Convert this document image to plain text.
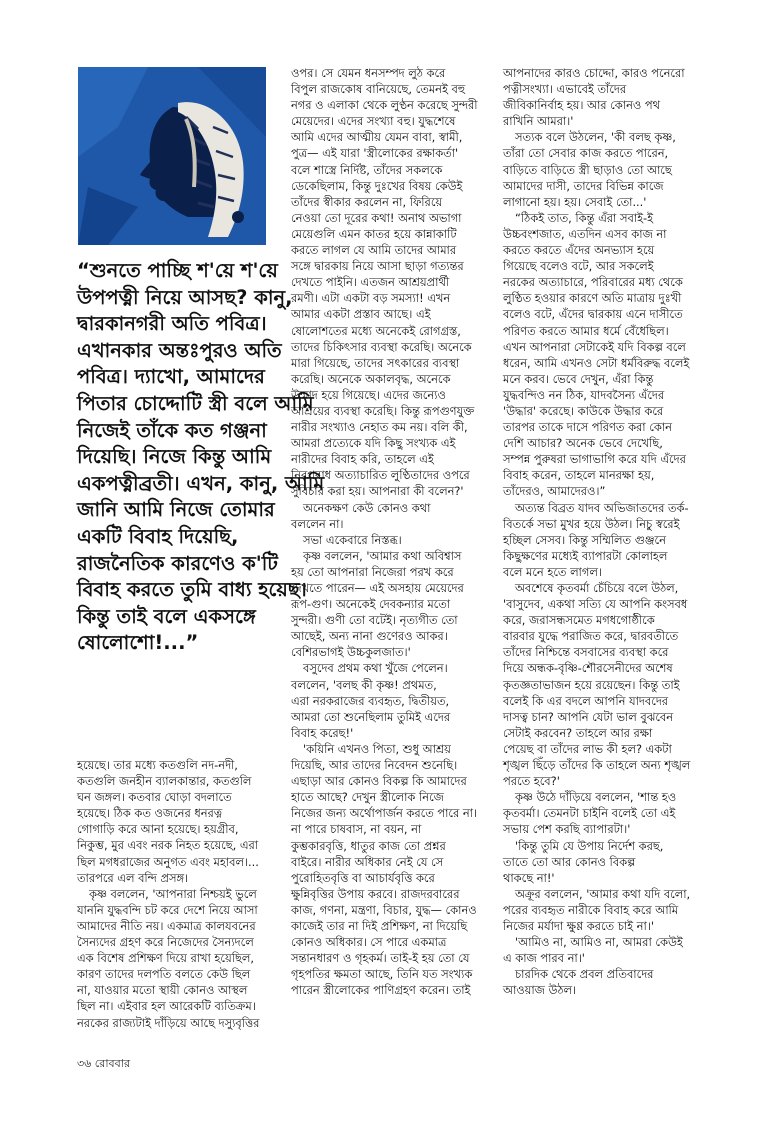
“শুনতে পাচ্ছি শ'য়ে শ'য়ে
উপপত্নী নিয়ে আসছ? কানু,
দ্বারকানগরী অতি পবিত্র।
এখানকার অন্তঃপুরও অতি
পবিত্র। দ্যাখো, আমাদের
পিতার চোদ্দোটি স্ত্রী বলে আমি
নিজেই তাঁকে কত গঞ্জনা
দিয়েছি। নিজে কিন্তু আমি
একপত্নীব্রতী। এখন, কানু, আমি
জানি আমি নিজে তোমার
একটি বিবাহ দিয়েছি,
রাজনৈতিক কারণেও ক'টি
বিবাহ করতে তুমি বাধ্য হয়েছ।
কিন্তু তাই বলে একসঙ্গে
ষোলোশো!...”
হয়েছে। তার মধ্যে কতগুলি নদ-নদী,
কতগুলি জনহীন ব্যালকান্তার, কতগুলি
ঘন জঙ্গল। কতবার ঘোড়া বদলাতে
হয়েছে। ঠিক কত ওজনের ধনরত্ন
গোগাড়ি করে আনা হয়েছে। হয়গ্রীব,
নিকুম্ভ, মুর এবং নরক নিহত হয়েছে, এরা
ছিল মগধরাজের অনুগত এবং মহাবল।...
তারপরে এল বন্দি প্রসঙ্গ।
কৃষ্ণ বললেন, 'আপনারা নিশ্চয়ই ভুলে
যাননি যুদ্ধবন্দি চট করে দেশে নিয়ে আসা
আমাদের নীতি নয়। একমাত্র কালযবনের
সৈন্যদের গ্রহণ করে নিজেদের সৈন্যদলে
এক বিশেষ প্রশিক্ষণ দিয়ে রাখা হয়েছিল,
কারণ তাদের দলপতি বলতে কেউ ছিল
না, যাওয়ার মতো স্থায়ী কোনও আস্থল
ছিল না। এইবার হল আরেকটি ব্যতিক্রম।
নরকের রাজ্যটাই দাঁড়িয়ে আছে দস্যুবৃত্তির
ওপর। সে যেমন ধনসম্পদ লুঠ করে
বিপুল রাজকোষ বানিয়েছে, তেমনই বহু
নগর ও এলাকা থেকে লুণ্ঠন করেছে সুন্দরী
মেয়েদের। এদের সংখ্যা বহু। যুদ্ধশেষে
আমি এদের আত্মীয় যেমন বাবা, স্বামী,
পুত্র— এই যারা 'স্ত্রীলোকের রক্ষাকর্তা'
বলে শাস্ত্রে নির্দিষ্ট, তাঁদের সকলকে
ডেকেছিলাম, কিন্তু দুঃখের বিষয় কেউই
তাঁদের স্বীকার করলেন না, ফিরিয়ে
নেওয়া তো দূরের কথা! অনাথ অভাগা
মেয়েগুলি এমন কাতর হয়ে কান্নাকাটি
করতে লাগল যে আমি তাদের আমার
সঙ্গে দ্বারকায় নিয়ে আসা ছাড়া গত্যন্তর
দেখতে পাইনি। এতজন আশ্রয়প্রার্থী
রমণী। এটা একটা বড় সমস্যা! এখন
আমার একটা প্রস্তাব আছে। এই
ষোলোশতের মধ্যে অনেকেই রোগগ্রস্ত,
তাদের চিকিৎসার ব্যবস্থা করেছি। অনেকে
মারা গিয়েছে, তাদের সৎকারের ব্যবস্থা
করেছি। অনেকে অকালবৃদ্ধ, অনেকে
উন্মাদ হয়ে গিয়েছে। এদের জন্যেও
আশ্রয়ের ব্যবস্থা করেছি। কিন্তু রূপগুণযুক্ত
নারীর সংখ্যাও নেহাত কম নয়। বলি কী,
আমরা প্রত্যেকে যদি কিছু সংখ্যক এই
নারীদের বিবাহ করি, তাহলে এই
নিরপরাধ অত্যাচারিত লুণ্ঠিতাদের ওপরে
সুবিচার করা হয়। আপনারা কী বলেন?'
অনেকক্ষণ কেউ কোনও কথা
বললেন না।
সভা একেবারে নিস্তব্ধ।
কৃষ্ণ বললেন, 'আমার কথা অবিশ্বাস
হয় তো আপনারা নিজেরা পরখ করে
দেখতে পারেন— এই অসহায় মেয়েদের
রূপ-গুণ। অনেকেই দেবকন্যার মতো
সুন্দরী। গুণী তো বটেই। নৃত্যগীত তো
আছেই, অন্য নানা গুণেরও আকর।
বেশিরভাগই উচ্চকুলজাত।'
বসুদেব প্রথম কথা খুঁজে পেলেন।
বললেন, 'বলছ কী কৃষ্ণ! প্রথমত,
এরা নরকরাজের ব্যবহৃত, দ্বিতীয়ত,
আমরা তো শুনেছিলাম তুমিই এদের
বিবাহ করেছ!'
'কয়িনি এখনও পিতা, শুধু আশ্রয়
দিয়েছি, আর তাদের নিবেদন শুনেছি।
এছাড়া আর কোনও বিকল্প কি আমাদের
হাতে আছে? দেখুন স্ত্রীলোক নিজে
নিজের জন্য অর্থোপার্জন করতে পারে না।
না পারে চাষবাস, না বয়ন, না
কুম্ভকারবৃত্তি, ধাতুর কাজ তো প্রশ্নর
বাইরে। নারীর অধিকার নেই যে সে
পুরোহিতবৃত্তি বা আচার্যবৃত্তি করে
ক্ষুন্নিবৃত্তির উপায় করবে। রাজদরবারের
কাজ, গণনা, মন্ত্রণা, বিচার, যুদ্ধ— কোনও
কাজেই তার না দিই প্রশিক্ষণ, না দিয়েছি
কোনও অধিকার। সে পারে একমাত্র
সন্তানধারণ ও গৃহকর্ম। তাই-ই হয় তো যে
গৃহপতির ক্ষমতা আছে, তিনি যত সংখ্যক
পারেন স্ত্রীলোকের পাণিগ্রহণ করেন। তাই
আপনাদের কারও চোদ্দো, কারও পনেরো
পত্নীসংখ্যা। এভাবেই তাঁদের
জীবিকানির্বাহ হয়। আর কোনও পথ
রাখিনি আমরা।'
সত্যক বলে উঠলেন, 'কী বলছ কৃষ্ণ,
তাঁরা তো সেবার কাজ করতে পারেন,
বাড়িতে বাড়িতে স্ত্রী ছাড়াও তো আছে
আমাদের দাসী, তাদের বিভিন্ন কাজে
লাগানো হয়। হয়। সেবাই তো...'
“ঠিকই তাত, কিন্তু এঁরা সবাই-ই
উচ্চবংশজাত, এতদিন এসব কাজ না
করতে করতে এঁদের অনভ্যাস হয়ে
গিয়েছে বলেও বটে, আর সকলেই
নরকের অত্যাচারে, পরিবারের মধ্য থেকে
লুণ্ঠিত হওয়ার কারণে অতি মাত্রায় দুঃখী
বলেও বটে, এঁদের দ্বারকায় এনে দাসীতে
পরিণত করতে আমার ধর্মে বেঁধেছিল।
এখন আপনারা সেটাকেই যদি বিকল্প বলে
ধরেন, আমি এখনও সেটা ধর্মবিরুদ্ধ বলেই
মনে করব। ভেবে দেখুন, এঁরা কিন্তু
যুদ্ধবন্দিও নন ঠিক, যাদবসৈন্য এঁদের
'উদ্ধার' করেছে। কাউকে উদ্ধার করে
তারপর তাকে দাসে পরিণত করা কোন
দেশি আচার? অনেক ভেবে দেখেছি,
সম্পন্ন পুরুষরা ভাগাভাগি করে যদি এঁদের
বিবাহ করেন, তাহলে মানরক্ষা হয়,
তাঁদেরও, আমাদেরও।”
অত্যন্ত বিব্রত যাদব অভিজাতদের তর্ক-
বিতর্কে সভা মুখর হয়ে উঠল। নিচু স্বরেই
হচ্ছিল সেসব। কিন্তু সম্মিলিত গুঞ্জনে
কিছুক্ষণের মধ্যেই ব্যাপারটা কোলাহল
বলে মনে হতে লাগল।
অবশেষে কৃতবর্মা চেঁচিয়ে বলে উঠল,
'বাসুদেব, একথা সত্যি যে আপনি কংসবধ
করে, জরাসন্ধসমেত মগধগোষ্ঠীকে
বারবার যুদ্ধে পরাজিত করে, দ্বারবতীতে
তাঁদের নিশ্চিন্তে বসবাসের ব্যবস্থা করে
দিয়ে অন্ধক-বৃষ্ণি-শৌরসেনীদের অশেষ
কৃতজ্ঞতাভাজন হয়ে রয়েছেন। কিন্তু তাই
বলেই কি এর বদলে আপনি যাদবদের
দাসত্ব চান? আপনি যেটা ভাল বুঝবেন
সেটাই করবেন? তাহলে আর রক্ষা
পেয়েছ বা তাঁদের লাভ কী হল? একটা
শৃঙ্খল ছিঁড়ে তাঁদের কি তাহলে অন্য শৃঙ্খল
পরতে হবে?'
কৃষ্ণ উঠে দাঁড়িয়ে বললেন, 'শান্ত হও
কৃতবর্মা। তেমনটা চাইনি বলেই তো এই
সভায় পেশ করছি ব্যাপারটা।'
'কিন্তু তুমি যে উপায় নির্দেশ করছ,
তাতে তো আর কোনও বিকল্প
থাকছে না!'
অক্রূর বললেন, 'আমার কথা যদি বলো,
পরের ব্যবহৃত নারীকে বিবাহ করে আমি
নিজের মর্যাদা ক্ষুণ্ণ করতে চাই না।'
'আমিও না, আমিও না, আমরা কেউই
এ কাজ পারব না।'
চারদিক থেকে প্রবল প্রতিবাদের
আওয়াজ উঠল।
৩৬ রোববার
